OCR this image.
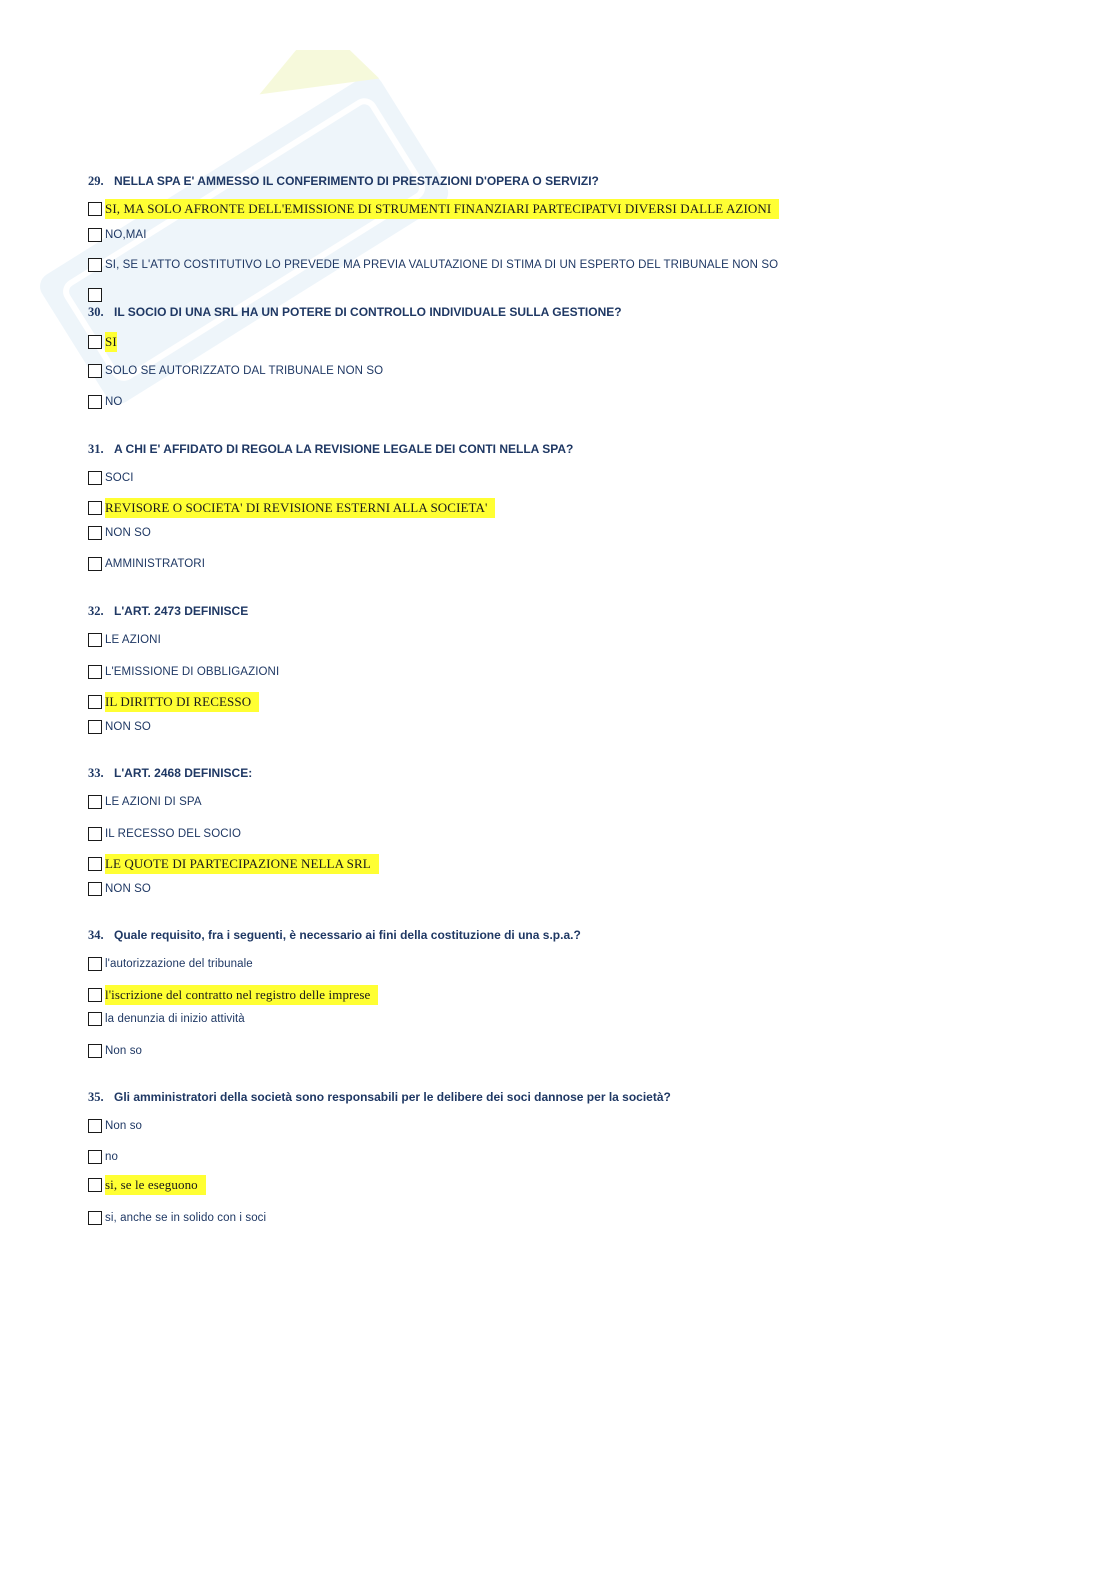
29. NELLA SPA E' AMMESSO IL CONFERIMENTO DI PRESTAZIONI D'OPERA O SERVIZI?
SI, MA SOLO AFRONTE DELL'EMISSIONE DI STRUMENTI FINANZIARI PARTECIPATVI DIVERSI DALLE AZIONI
NO,MAI
SI, SE L'ATTO COSTITUTIVO LO PREVEDE MA PREVIA VALUTAZIONE DI STIMA DI UN ESPERTO DEL TRIBUNALE NON SO
30. IL SOCIO DI UNA SRL HA UN POTERE DI CONTROLLO INDIVIDUALE SULLA GESTIONE?
SI
SOLO SE AUTORIZZATO DAL TRIBUNALE NON SO
NO
31. A CHI E' AFFIDATO DI REGOLA LA REVISIONE LEGALE DEI CONTI NELLA SPA?
SOCI
REVISORE O SOCIETA' DI REVISIONE ESTERNI ALLA SOCIETA'
NON SO
AMMINISTRATORI
32. L'ART. 2473 DEFINISCE
LE AZIONI
L'EMISSIONE DI OBBLIGAZIONI
IL DIRITTO DI RECESSO
NON SO
33. L'ART. 2468 DEFINISCE:
LE AZIONI DI SPA
IL RECESSO DEL SOCIO
LE QUOTE DI PARTECIPAZIONE NELLA SRL
NON SO
34. Quale requisito, fra i seguenti, è necessario ai fini della costituzione di una s.p.a.?
l'autorizzazione del tribunale
l'iscrizione del contratto nel registro delle imprese
la denunzia di inizio attività
Non so
35. Gli amministratori della società sono responsabili per le delibere dei soci dannose per la società?
Non so
no
si, se le eseguono
si, anche se in solido con i soci
